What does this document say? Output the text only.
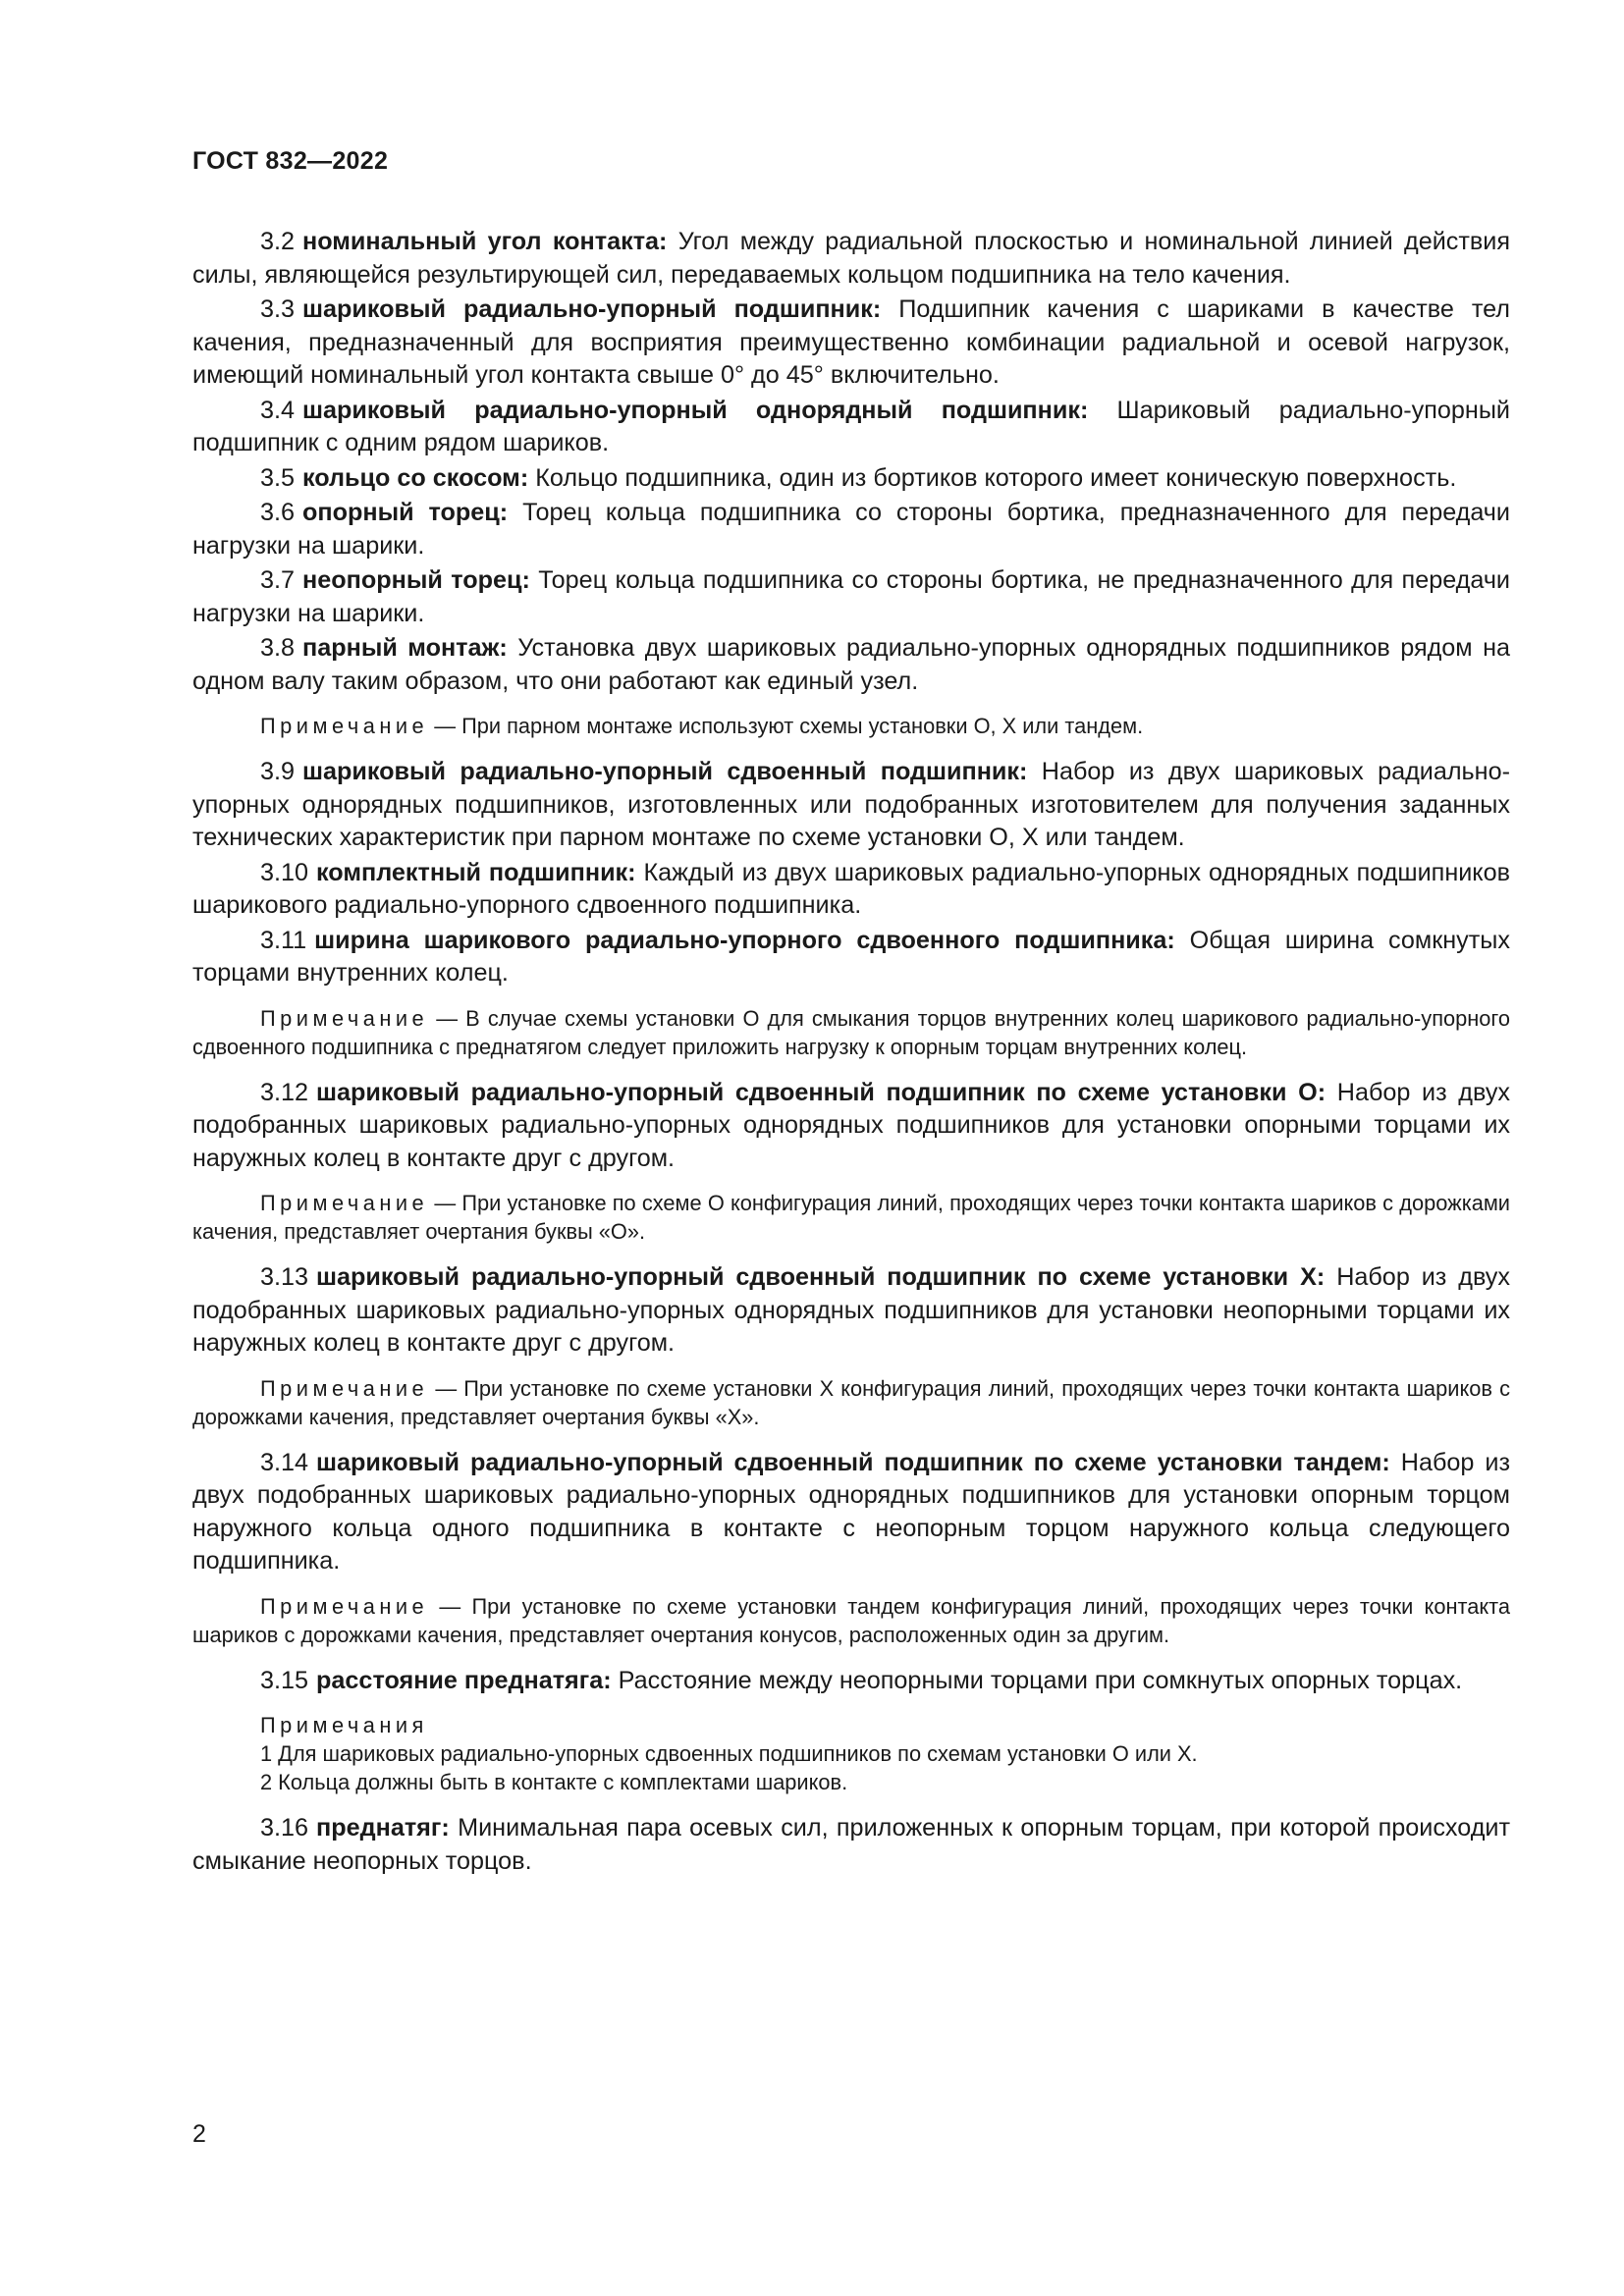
ГОСТ 832—2022

3.2 номинальный угол контакта: Угол между радиальной плоскостью и номинальной линией действия силы, являющейся результирующей сил, передаваемых кольцом подшипника на тело качения.

3.3 шариковый радиально-упорный подшипник: Подшипник качения с шариками в качестве тел качения, предназначенный для восприятия преимущественно комбинации радиальной и осевой нагрузок, имеющий номинальный угол контакта свыше 0° до 45° включительно.

3.4 шариковый радиально-упорный однорядный подшипник: Шариковый радиально-упорный подшипник с одним рядом шариков.

3.5 кольцо со скосом: Кольцо подшипника, один из бортиков которого имеет коническую поверхность.

3.6 опорный торец: Торец кольца подшипника со стороны бортика, предназначенного для передачи нагрузки на шарики.

3.7 неопорный торец: Торец кольца подшипника со стороны бортика, не предназначенного для передачи нагрузки на шарики.

3.8 парный монтаж: Установка двух шариковых радиально-упорных однорядных подшипников рядом на одном валу таким образом, что они работают как единый узел.

Примечание — При парном монтаже используют схемы установки О, X или тандем.

3.9 шариковый радиально-упорный сдвоенный подшипник: Набор из двух шариковых радиально-упорных однорядных подшипников, изготовленных или подобранных изготовителем для получения заданных технических характеристик при парном монтаже по схеме установки О, X или тандем.

3.10 комплектный подшипник: Каждый из двух шариковых радиально-упорных однорядных подшипников шарикового радиально-упорного сдвоенного подшипника.

3.11 ширина шарикового радиально-упорного сдвоенного подшипника: Общая ширина сомкнутых торцами внутренних колец.

Примечание — В случае схемы установки О для смыкания торцов внутренних колец шарикового радиально-упорного сдвоенного подшипника с преднатягом следует приложить нагрузку к опорным торцам внутренних колец.

3.12 шариковый радиально-упорный сдвоенный подшипник по схеме установки О: Набор из двух подобранных шариковых радиально-упорных однорядных подшипников для установки опорными торцами их наружных колец в контакте друг с другом.

Примечание — При установке по схеме О конфигурация линий, проходящих через точки контакта шариков с дорожками качения, представляет очертания буквы «О».

3.13 шариковый радиально-упорный сдвоенный подшипник по схеме установки X: Набор из двух подобранных шариковых радиально-упорных однорядных подшипников для установки неопорными торцами их наружных колец в контакте друг с другом.

Примечание — При установке по схеме установки X конфигурация линий, проходящих через точки контакта шариков с дорожками качения, представляет очертания буквы «X».

3.14 шариковый радиально-упорный сдвоенный подшипник по схеме установки тандем: Набор из двух подобранных шариковых радиально-упорных однорядных подшипников для установки опорным торцом наружного кольца одного подшипника в контакте с неопорным торцом наружного кольца следующего подшипника.

Примечание — При установке по схеме установки тандем конфигурация линий, проходящих через точки контакта шариков с дорожками качения, представляет очертания конусов, расположенных один за другим.

3.15 расстояние преднатяга: Расстояние между неопорными торцами при сомкнутых опорных торцах.

Примечания

1 Для шариковых радиально-упорных сдвоенных подшипников по схемам установки О или X.

2 Кольца должны быть в контакте с комплектами шариков.

3.16 преднатяг: Минимальная пара осевых сил, приложенных к опорным торцам, при которой происходит смыкание неопорных торцов.

2
